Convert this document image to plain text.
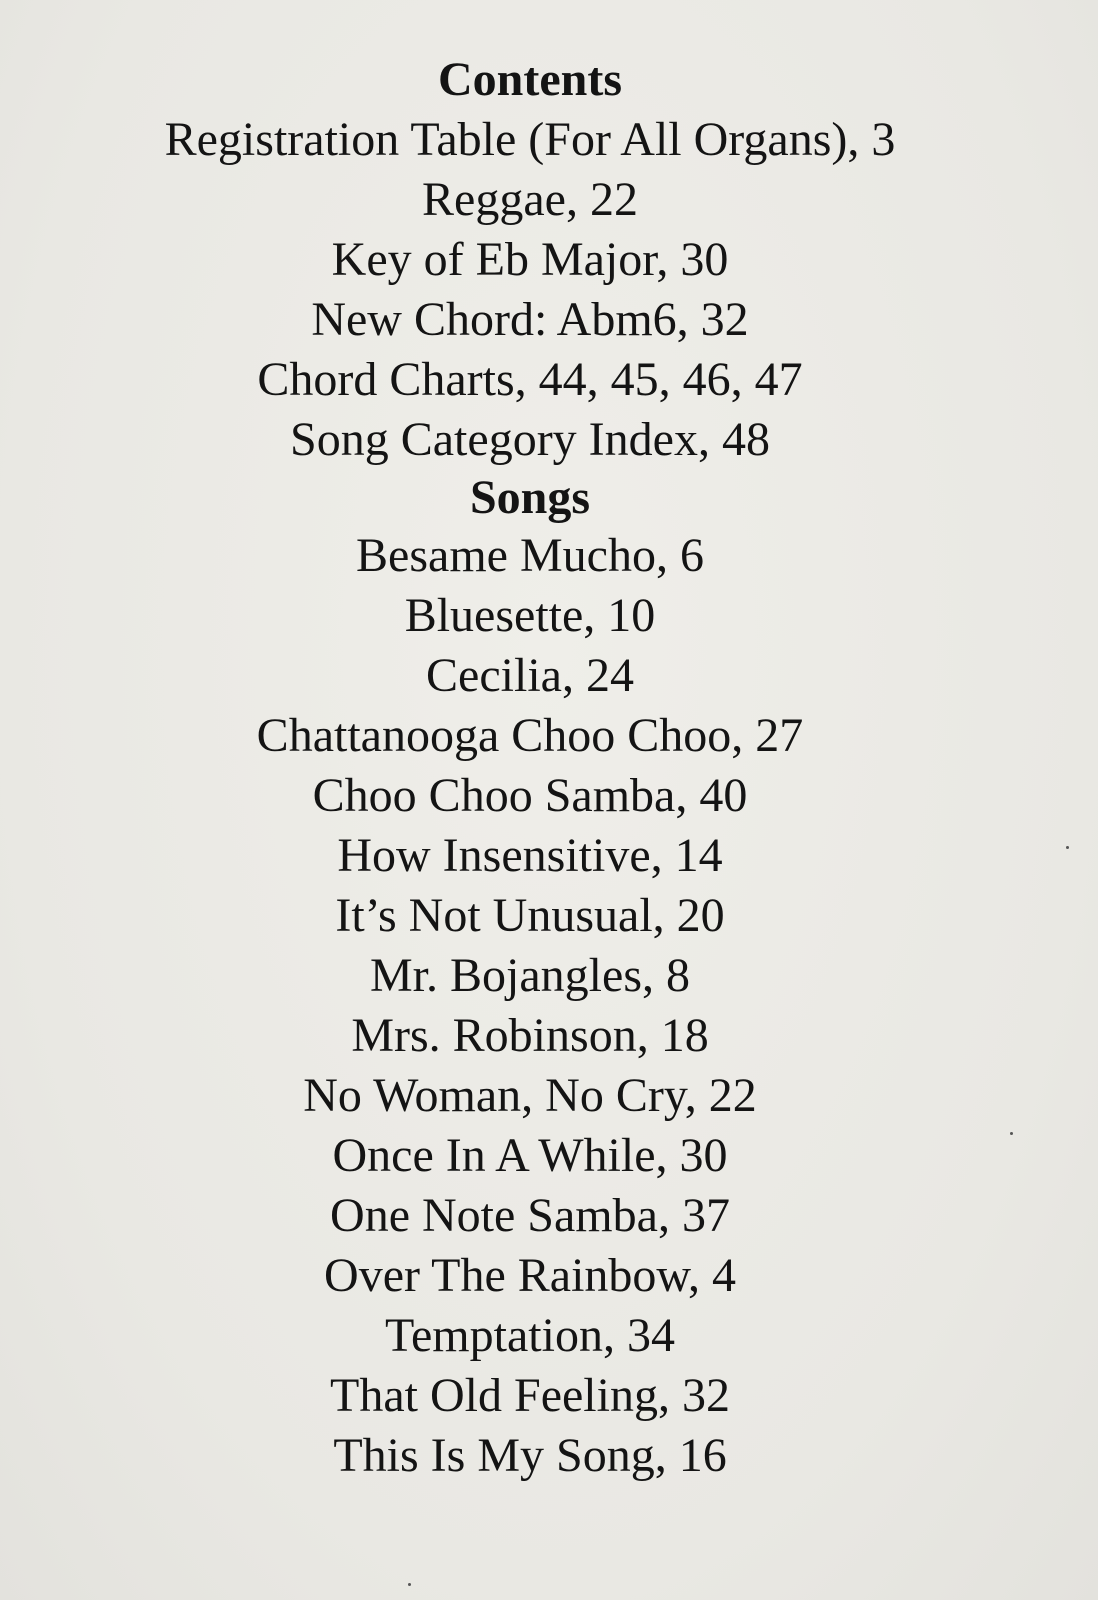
Contents
Registration Table (For All Organs), 3
Reggae, 22
Key of Eb Major, 30
New Chord: Abm6, 32
Chord Charts, 44, 45, 46, 47
Song Category Index, 48
Songs
Besame Mucho, 6
Bluesette, 10
Cecilia, 24
Chattanooga Choo Choo, 27
Choo Choo Samba, 40
How Insensitive, 14
It’s Not Unusual, 20
Mr. Bojangles, 8
Mrs. Robinson, 18
No Woman, No Cry, 22
Once In A While, 30
One Note Samba, 37
Over The Rainbow, 4
Temptation, 34
That Old Feeling, 32
This Is My Song, 16
